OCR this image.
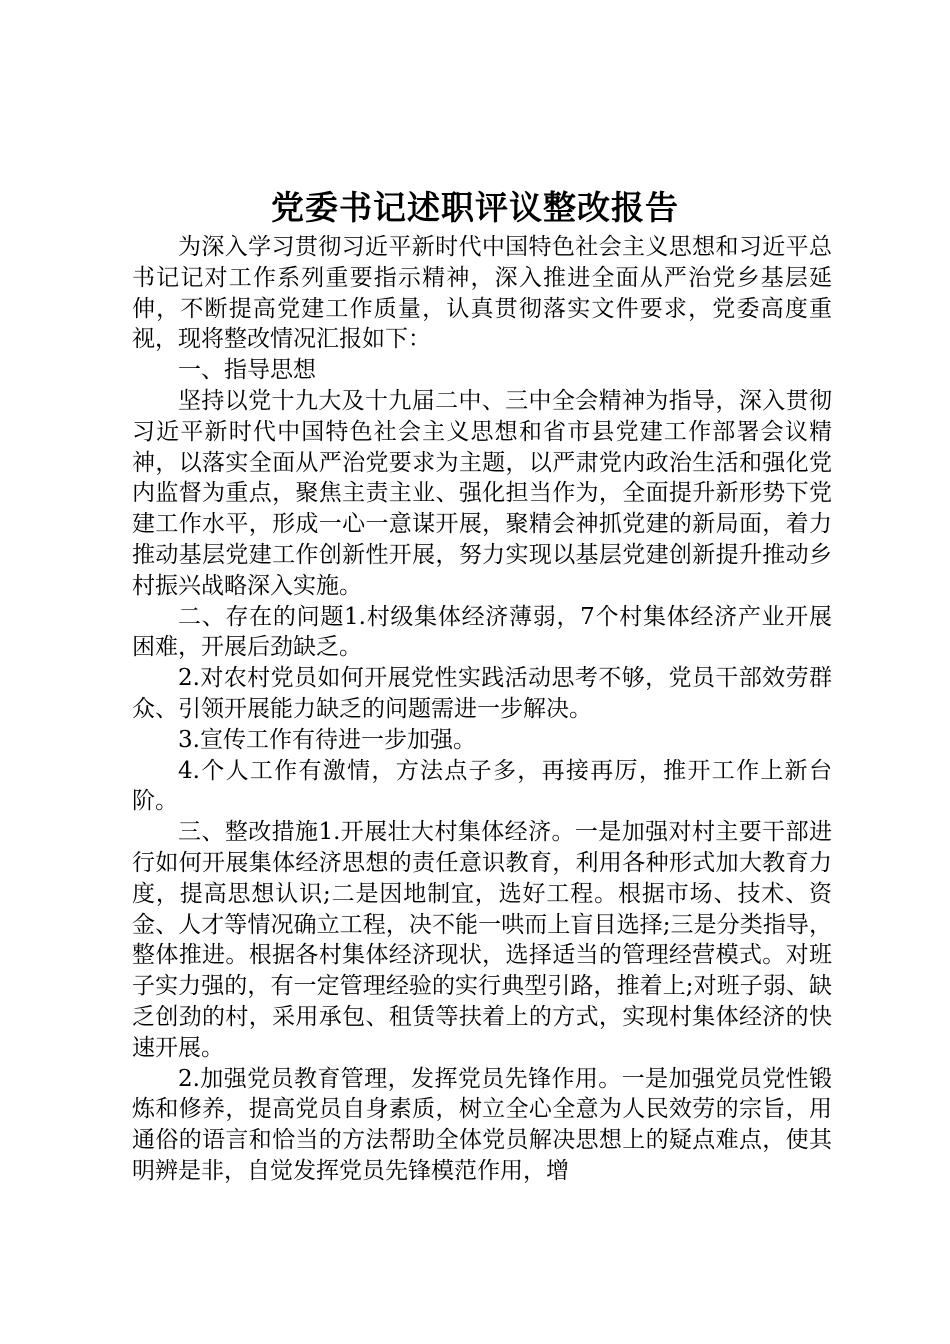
党委书记述职评议整改报告

为深入学习贯彻习近平新时代中国特色社会主义思想和习近平总书记记对工作系列重要指示精神，深入推进全面从严治党乡基层延伸，不断提高党建工作质量，认真贯彻落实文件要求，党委高度重视，现将整改情况汇报如下：

一、指导思想

坚持以党十九大及十九届二中、三中全会精神为指导，深入贯彻习近平新时代中国特色社会主义思想和省市县党建工作部署会议精神，以落实全面从严治党要求为主题，以严肃党内政治生活和强化党内监督为重点，聚焦主责主业、强化担当作为，全面提升新形势下党建工作水平，形成一心一意谋开展，聚精会神抓党建的新局面，着力推动基层党建工作创新性开展，努力实现以基层党建创新提升推动乡村振兴战略深入实施。

二、存在的问题1.村级集体经济薄弱，7个村集体经济产业开展困难，开展后劲缺乏。

2.对农村党员如何开展党性实践活动思考不够，党员干部效劳群众、引领开展能力缺乏的问题需进一步解决。

3.宣传工作有待进一步加强。

4.个人工作有激情，方法点子多，再接再厉，推开工作上新台阶。

三、整改措施1.开展壮大村集体经济。一是加强对村主要干部进行如何开展集体经济思想的责任意识教育，利用各种形式加大教育力度，提高思想认识;二是因地制宜，选好工程。根据市场、技术、资金、人才等情况确立工程，决不能一哄而上盲目选择;三是分类指导，整体推进。根据各村集体经济现状，选择适当的管理经营模式。对班子实力强的，有一定管理经验的实行典型引路，推着上;对班子弱、缺乏创劲的村，采用承包、租赁等扶着上的方式，实现村集体经济的快速开展。

2.加强党员教育管理，发挥党员先锋作用。一是加强党员党性锻炼和修养，提高党员自身素质，树立全心全意为人民效劳的宗旨，用通俗的语言和恰当的方法帮助全体党员解决思想上的疑点难点，使其明辨是非，自觉发挥党员先锋模范作用，增
